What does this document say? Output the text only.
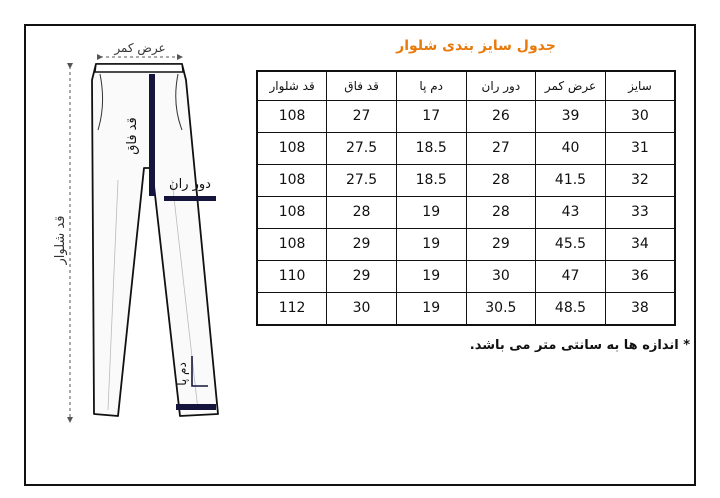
جدول سایز بندی شلوار
سایز	عرض کمر	دور ران	دم پا	قد فاق	قد شلوار
30	39	26	17	27	108
31	40	27	18.5	27.5	108
32	41.5	28	18.5	27.5	108
33	43	28	19	28	108
34	45.5	29	19	29	108
36	47	30	19	29	110
38	48.5	30.5	19	30	112
* اندازه ها به سانتی متر می باشد.
عرض کمر
قد فاق
دور ران
قد شلوار
دم پا
